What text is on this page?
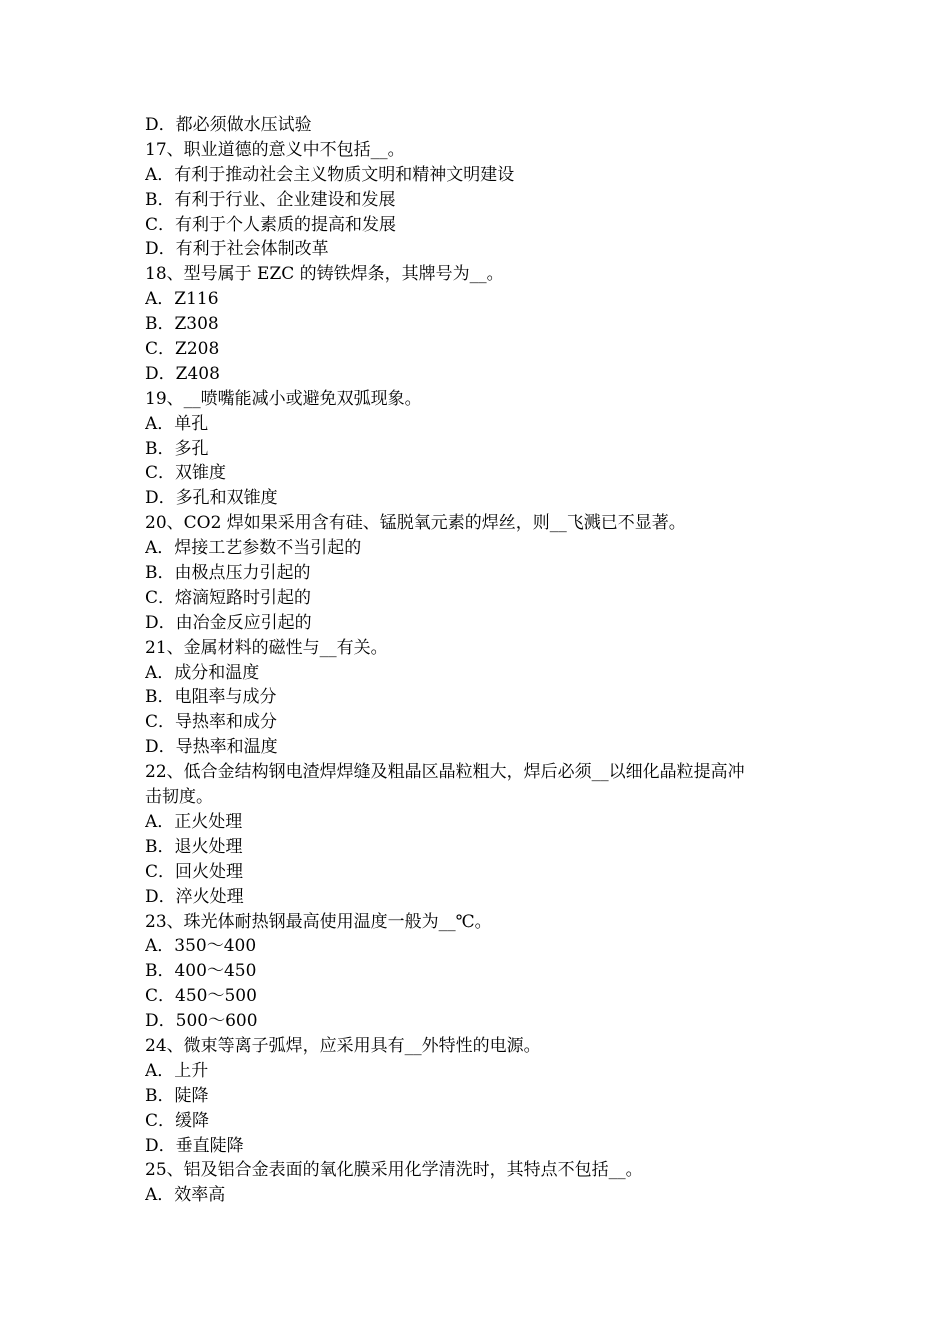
D．都必须做水压试验
17、职业道德的意义中不包括__。
A．有利于推动社会主义物质文明和精神文明建设
B．有利于行业、企业建设和发展
C．有利于个人素质的提高和发展
D．有利于社会体制改革
18、型号属于 EZC 的铸铁焊条，其牌号为__。
A．Z116
B．Z308
C．Z208
D．Z408
19、__喷嘴能减小或避免双弧现象。
A．单孔
B．多孔
C．双锥度
D．多孔和双锥度
20、CO2 焊如果采用含有硅、锰脱氧元素的焊丝，则__飞溅已不显著。
A．焊接工艺参数不当引起的
B．由极点压力引起的
C．熔滴短路时引起的
D．由冶金反应引起的
21、金属材料的磁性与__有关。
A．成分和温度
B．电阻率与成分
C．导热率和成分
D．导热率和温度
22、低合金结构钢电渣焊焊缝及粗晶区晶粒粗大，焊后必须__以细化晶粒提高冲
击韧度。
A．正火处理
B．退火处理
C．回火处理
D．淬火处理
23、珠光体耐热钢最高使用温度一般为__℃。
A．350～400
B．400～450
C．450～500
D．500～600
24、微束等离子弧焊，应采用具有__外特性的电源。
A．上升
B．陡降
C．缓降
D．垂直陡降
25、铝及铝合金表面的氧化膜采用化学清洗时，其特点不包括__。
A．效率高
